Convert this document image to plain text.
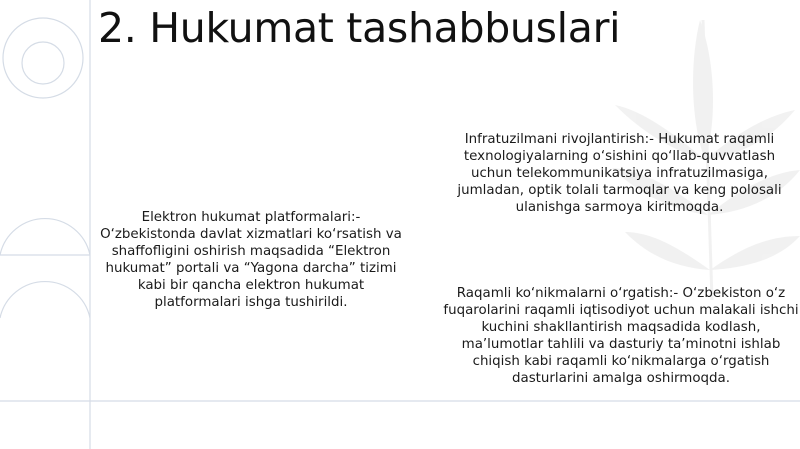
2. Hukumat tashabbuslari

Elektron hukumat platformalari:- O‘zbekistonda davlat xizmatlari ko‘rsatish va shaffofligini oshirish maqsadida “Elektron hukumat” portali va “Yagona darcha” tizimi kabi bir qancha elektron hukumat platformalari ishga tushirildi.

Infratuzilmani rivojlantirish:- Hukumat raqamli texnologiyalarning o‘sishini qo‘llab-quvvatlash uchun telekommunikatsiya infratuzilmasiga, jumladan, optik tolali tarmoqlar va keng polosali ulanishga sarmoya kiritmoqda.

Raqamli ko‘nikmalarni o‘rgatish:- O‘zbekiston o‘z fuqarolarini raqamli iqtisodiyot uchun malakali ishchi kuchini shakllantirish maqsadida kodlash, ma’lumotlar tahlili va dasturiy ta’minotni ishlab chiqish kabi raqamli ko‘nikmalarga o‘rgatish dasturlarini amalga oshirmoqda.
